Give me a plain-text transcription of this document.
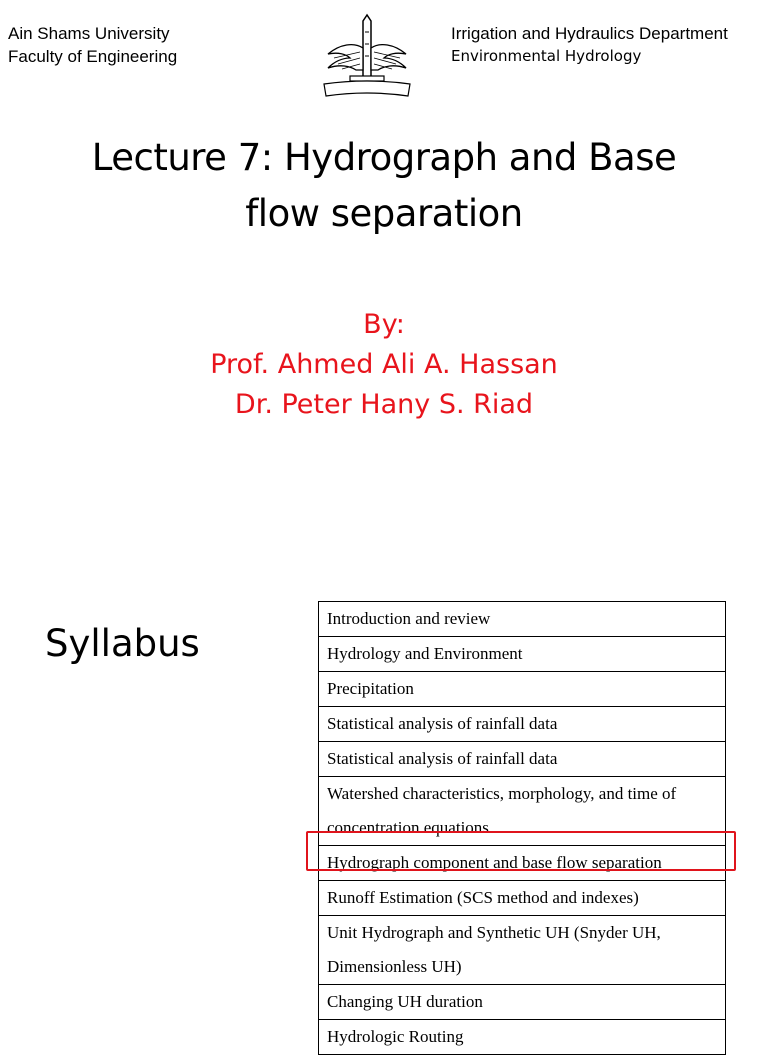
Ain Shams University
Faculty of Engineering
Irrigation and Hydraulics Department
Environmental Hydrology
Lecture 7: Hydrograph and Base
flow separation
By:
Prof. Ahmed Ali A. Hassan
Dr. Peter Hany S. Riad
Syllabus
Introduction and review
Hydrology and Environment
Precipitation
Statistical analysis of rainfall data
Statistical analysis of rainfall data
Watershed characteristics, morphology, and time of concentration equations.
Hydrograph component and base flow separation
Runoff Estimation (SCS method and indexes)
Unit Hydrograph and Synthetic UH (Snyder UH, Dimensionless UH)
Changing UH duration
Hydrologic Routing
